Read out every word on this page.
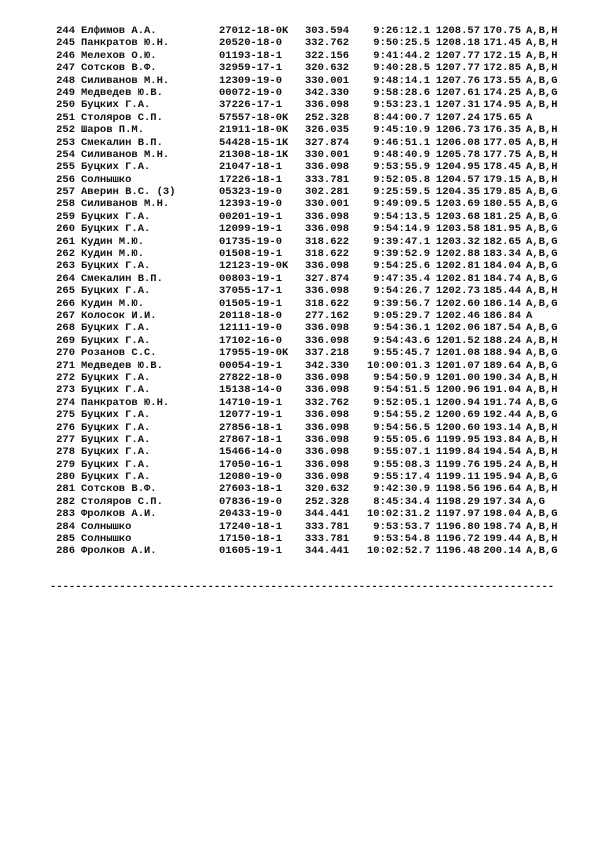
244 Елфимов А.А.	27012-18-0K 303.594 9:26:12.1 1208.57 170.75 A,B,H
245 Панкратов Ю.Н.	20520-18-0 332.762 9:50:25.5 1208.18 171.45 A,B,H
246 Мелехов О.Ю.	01193-18-1 322.156 9:41:44.2 1207.77 172.15 A,B,H
247 Сотсков В.Ф.	32959-17-1 320.632 9:40:28.5 1207.77 172.85 A,B,H
248 Силиванов М.Н.	12309-19-0 330.001 9:48:14.1 1207.76 173.55 A,B,G
249 Медведев Ю.В.	00072-19-0 342.330 9:58:28.6 1207.61 174.25 A,B,G
250 Буцких Г.А.	37226-17-1 336.098 9:53:23.1 1207.31 174.95 A,B,H
251 Столяров С.П.	57557-18-0K 252.328 8:44:00.7 1207.24 175.65 A
252 Шаров П.М.	21911-18-0K 326.035 9:45:10.9 1206.73 176.35 A,B,H
253 Смекалин В.П.	54428-15-1K 327.874 9:46:51.1 1206.08 177.05 A,B,H
254 Силиванов М.Н.	21308-18-1K 330.001 9:48:40.9 1205.78 177.75 A,B,H
255 Буцких Г.А.	21047-18-1 336.098 9:53:55.9 1204.95 178.45 A,B,H
256 Солнышко	17226-18-1 333.781 9:52:05.8 1204.57 179.15 A,B,H
257 Аверин В.С. (3)	05323-19-0 302.281 9:25:59.5 1204.35 179.85 A,B,G
258 Силиванов М.Н.	12393-19-0 330.001 9:49:09.5 1203.69 180.55 A,B,G
259 Буцких Г.А.	00201-19-1 336.098 9:54:13.5 1203.68 181.25 A,B,G
260 Буцких Г.А.	12099-19-1 336.098 9:54:14.9 1203.58 181.95 A,B,G
261 Кудин М.Ю.	01735-19-0 318.622 9:39:47.1 1203.32 182.65 A,B,G
262 Кудин М.Ю.	01508-19-1 318.622 9:39:52.9 1202.88 183.34 A,B,G
263 Буцких Г.А.	12123-19-0K 336.098 9:54:25.6 1202.81 184.04 A,B,G
264 Смекалин В.П.	00803-19-1 327.874 9:47:35.4 1202.81 184.74 A,B,G
265 Буцких Г.А.	37055-17-1 336.098 9:54:26.7 1202.73 185.44 A,B,H
266 Кудин М.Ю.	01505-19-1 318.622 9:39:56.7 1202.60 186.14 A,B,G
267 Колосок И.И.	20118-18-0 277.162 9:05:29.7 1202.46 186.84 A
268 Буцких Г.А.	12111-19-0 336.098 9:54:36.1 1202.06 187.54 A,B,G
269 Буцких Г.А.	17102-16-0 336.098 9:54:43.6 1201.52 188.24 A,B,H
270 Розанов С.С.	17955-19-0K 337.218 9:55:45.7 1201.08 188.94 A,B,G
271 Медведев Ю.В.	00054-19-1 342.330 10:00:01.3 1201.07 189.64 A,B,G
272 Буцких Г.А.	27822-18-0 336.098 9:54:50.9 1201.00 190.34 A,B,H
273 Буцких Г.А.	15138-14-0 336.098 9:54:51.5 1200.96 191.04 A,B,H
274 Панкратов Ю.Н.	14710-19-1 332.762 9:52:05.1 1200.94 191.74 A,B,G
275 Буцких Г.А.	12077-19-1 336.098 9:54:55.2 1200.69 192.44 A,B,G
276 Буцких Г.А.	27856-18-1 336.098 9:54:56.5 1200.60 193.14 A,B,H
277 Буцких Г.А.	27867-18-1 336.098 9:55:05.6 1199.95 193.84 A,B,H
278 Буцких Г.А.	15466-14-0 336.098 9:55:07.1 1199.84 194.54 A,B,H
279 Буцких Г.А.	17050-16-1 336.098 9:55:08.3 1199.76 195.24 A,B,H
280 Буцких Г.А.	12080-19-0 336.098 9:55:17.4 1199.11 195.94 A,B,G
281 Сотсков В.Ф.	27603-18-1 320.632 9:42:30.9 1198.56 196.64 A,B,H
282 Столяров С.П.	07836-19-0 252.328 8:45:34.4 1198.29 197.34 A,G
283 Фролков А.И.	20433-19-0 344.441 10:02:31.2 1197.97 198.04 A,B,G
284 Солнышко	17240-18-1 333.781 9:53:53.7 1196.80 198.74 A,B,H
285 Солнышко	17150-18-1 333.781 9:53:54.8 1196.72 199.44 A,B,H
286 Фролков А.И.	01605-19-1 344.441 10:02:52.7 1196.48 200.14 A,B,G
--------------------------------------------------------------------------------
